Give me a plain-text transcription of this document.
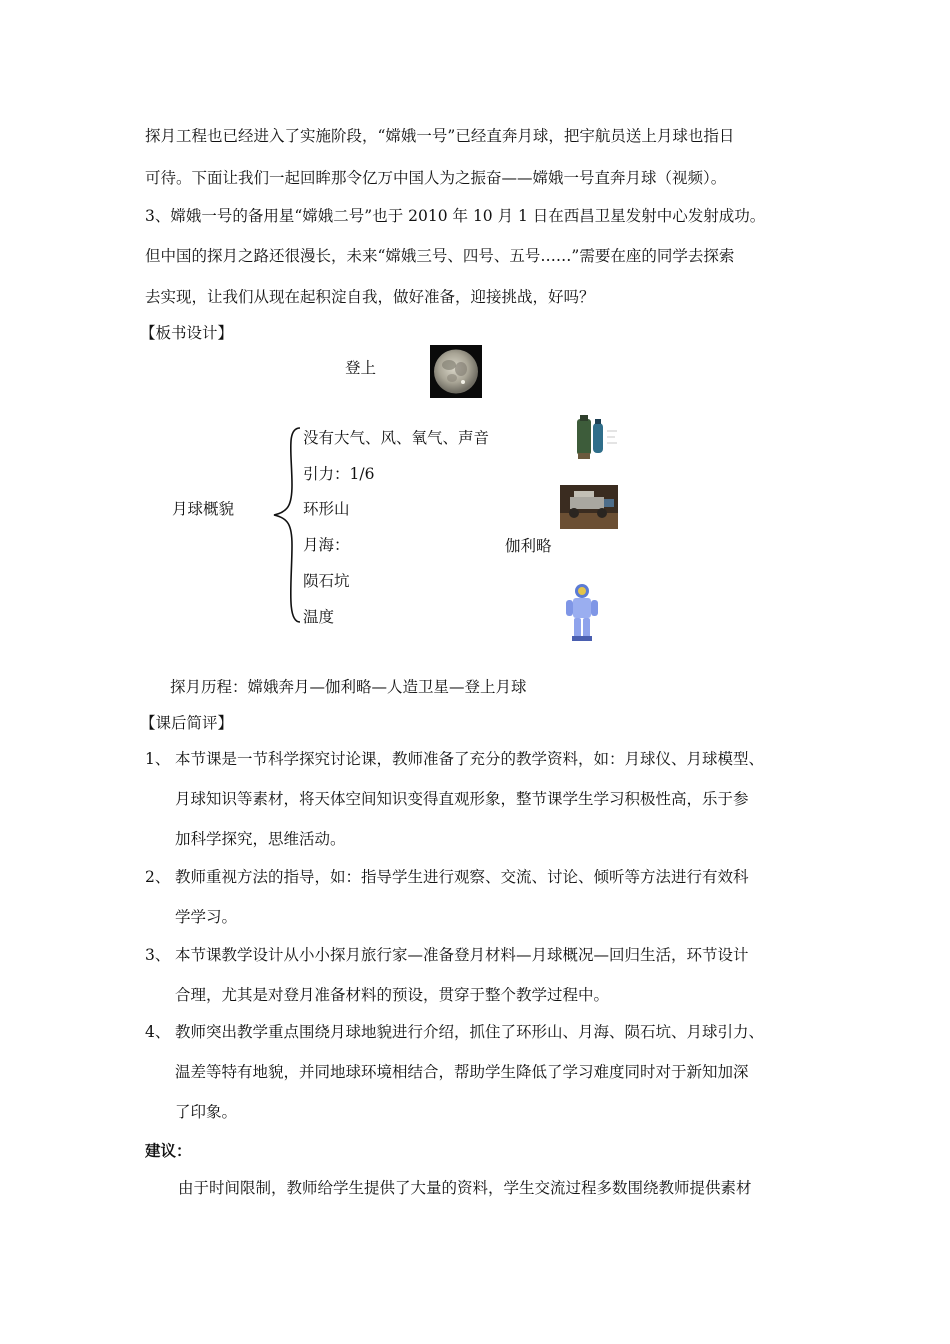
探月工程也已经进入了实施阶段，“嫦娥一号”已经直奔月球，把宇航员送上月球也指日
可待。下面让我们一起回眸那令亿万中国人为之振奋——嫦娥一号直奔月球（视频）。
3、嫦娥一号的备用星“嫦娥二号”也于 2010 年 10 月 1 日在西昌卫星发射中心发射成功。
但中国的探月之路还很漫长，未来“嫦娥三号、四号、五号……”需要在座的同学去探索
去实现，让我们从现在起积淀自我，做好准备，迎接挑战，好吗？
【板书设计】
登上
月球概貌
没有大气、风、氧气、声音
引力：1/6
环形山
月海：
陨石坑
温度
伽利略
探月历程：嫦娥奔月—伽利略—人造卫星—登上月球
【课后简评】
1、 本节课是一节科学探究讨论课，教师准备了充分的教学资料，如：月球仪、月球模型、
月球知识等素材，将天体空间知识变得直观形象，整节课学生学习积极性高，乐于参
加科学探究，思维活动。
2、 教师重视方法的指导，如：指导学生进行观察、交流、讨论、倾听等方法进行有效科
学学习。
3、 本节课教学设计从小小探月旅行家—准备登月材料—月球概况—回归生活，环节设计
合理，尤其是对登月准备材料的预设，贯穿于整个教学过程中。
4、 教师突出教学重点围绕月球地貌进行介绍，抓住了环形山、月海、陨石坑、月球引力、
温差等特有地貌，并同地球环境相结合，帮助学生降低了学习难度同时对于新知加深
了印象。
建议：
由于时间限制，教师给学生提供了大量的资料，学生交流过程多数围绕教师提供素材
